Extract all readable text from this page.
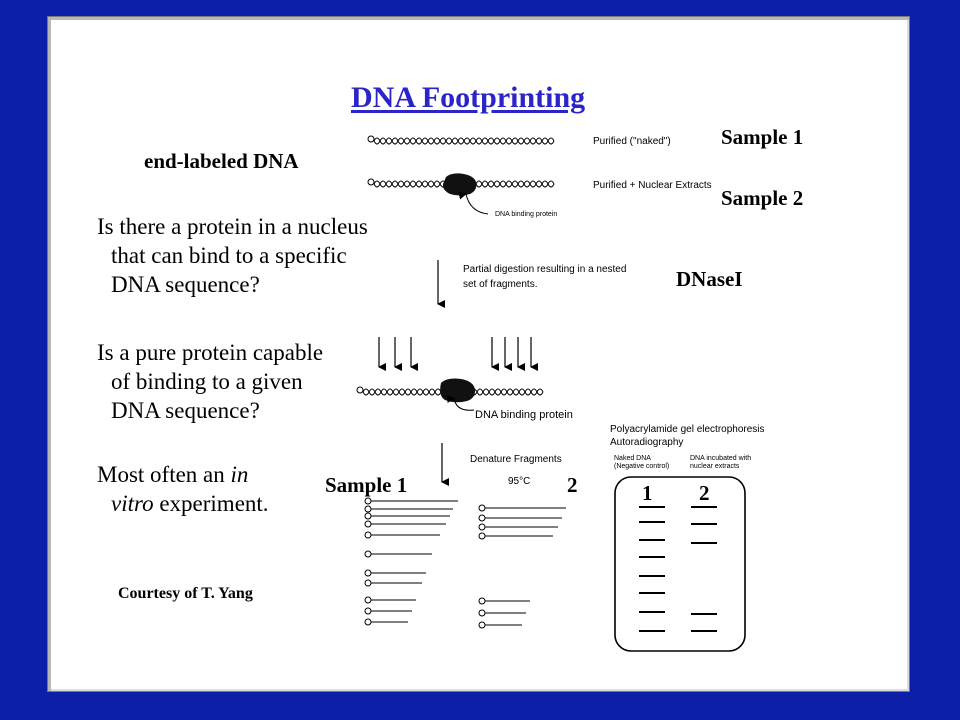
DNA Footprinting
end-labeled DNA
Is there a protein in a nucleus
that can bind to a specific
DNA sequence?
Is a pure protein capable
of binding to a given
DNA sequence?
Most often an in
vitro experiment.
Courtesy of T. Yang
Sample 1
Sample 2
DNaseI
Purified ("naked")
Purified + Nuclear Extracts
DNA binding protein
Partial digestion resulting in a nested
set of fragments.
DNA binding protein
Denature Fragments
95°C
Polyacrylamide gel electrophoresis
Autoradiography
Naked DNA
(Negative control)
DNA incubated with
nuclear extracts
Sample 1	2	1 2
